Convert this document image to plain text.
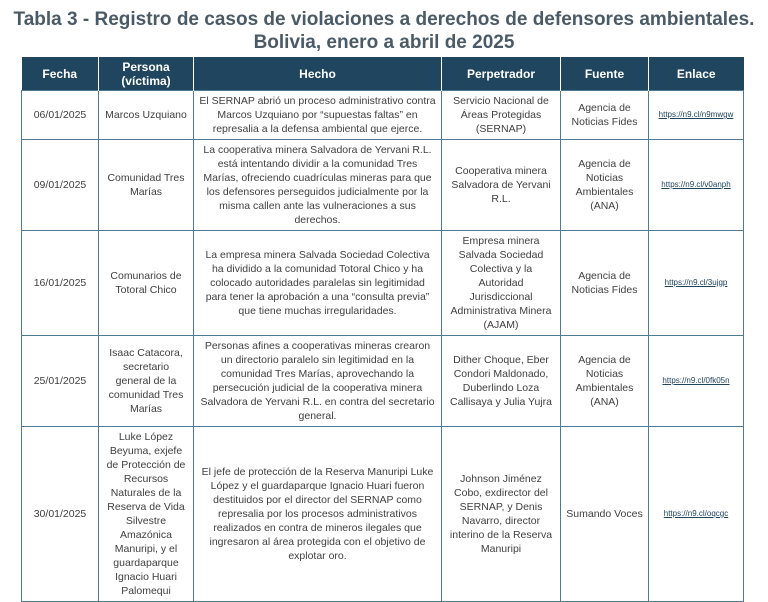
Tabla 3 - Registro de casos de violaciones a derechos de defensores ambientales.
Bolivia, enero a abril de 2025
Fecha	Persona (víctima)	Hecho	Perpetrador	Fuente	Enlace
06/01/2025	Marcos Uzquiano	El SERNAP abrió un proceso administrativo contra Marcos Uzquiano por “supuestas faltas” en represalia a la defensa ambiental que ejerce.	Servicio Nacional de Áreas Protegidas (SERNAP)	Agencia de Noticias Fides	https://n9.cl/n9mwgw
09/01/2025	Comunidad Tres Marías	La cooperativa minera Salvadora de Yervani R.L. está intentando dividir a la comunidad Tres Marías, ofreciendo cuadrículas mineras para que los defensores perseguidos judicialmente por la misma callen ante las vulneraciones a sus derechos.	Cooperativa minera Salvadora de Yervani R.L.	Agencia de Noticias Ambientales (ANA)	https://n9.cl/v0anph
16/01/2025	Comunarios de Totoral Chico	La empresa minera Salvada Sociedad Colectiva ha dividido a la comunidad Totoral Chico y ha colocado autoridades paralelas sin legitimidad para tener la aprobación a una “consulta previa” que tiene muchas irregularidades.	Empresa minera Salvada Sociedad Colectiva y la Autoridad Jurisdiccional Administrativa Minera (AJAM)	Agencia de Noticias Fides	https://n9.cl/3ujgp
25/01/2025	Isaac Catacora, secretario general de la comunidad Tres Marías	Personas afines a cooperativas mineras crearon un directorio paralelo sin legitimidad en la comunidad Tres Marías, aprovechando la persecución judicial de la cooperativa minera Salvadora de Yervani R.L. en contra del secretario general.	Dither Choque, Eber Condori Maldonado, Duberlindo Loza Callisaya y Julia Yujra	Agencia de Noticias Ambientales (ANA)	https://n9.cl/0fk05n
30/01/2025	Luke López Beyuma, exjefe de Protección de Recursos Naturales de la Reserva de Vida Silvestre Amazónica Manuripi, y el guardaparque Ignacio Huari Palomequi	El jefe de protección de la Reserva Manuripi Luke López y el guardaparque Ignacio Huari fueron destituidos por el director del SERNAP como represalia por los procesos administrativos realizados en contra de mineros ilegales que ingresaron al área protegida con el objetivo de explotar oro.	Johnson Jiménez Cobo, exdirector del SERNAP, y Denis Navarro, director interino de la Reserva Manuripi	Sumando Voces	https://n9.cl/oqcgc
